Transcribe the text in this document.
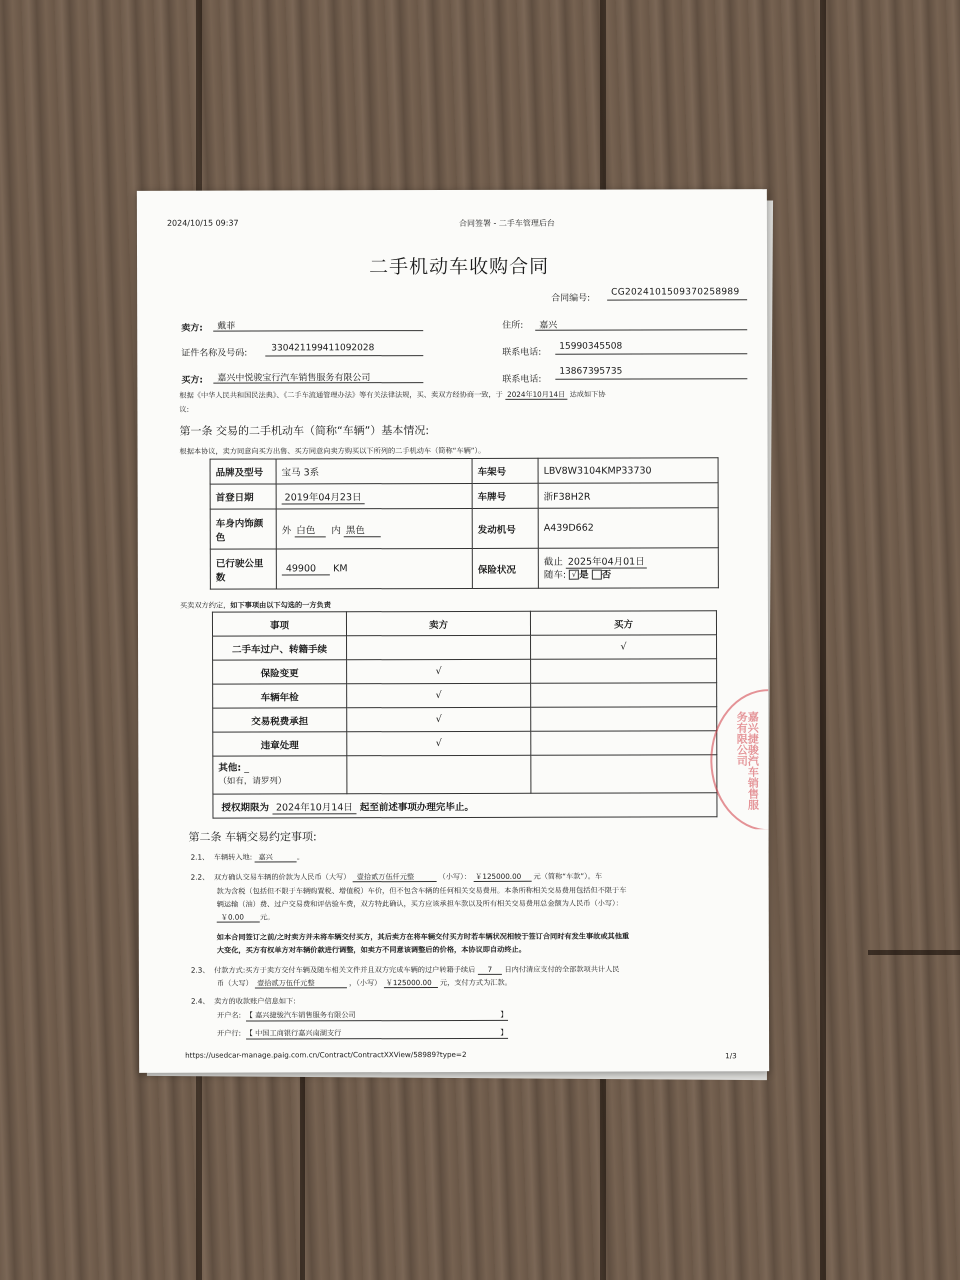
2024/10/15 09:37	合同签署 - 二手车管理后台
二手机动车收购合同
合同编号:
CG2024101509370258989
卖方: 戴菲	住所: 嘉兴
证件名称及号码:
330421199411092028	联系电话:
15990345508
买方: 嘉兴中悦骏宝行汽车销售服务有限公司	联系电话:
13867395735
根据《中华人民共和国民法典》、《二手车流通管理办法》等有关法律法规，买、卖双方经协商一致，于 2024年10月14日 达成如下协
议:
第一条 交易的二手机动车（简称“车辆”）基本情况:
根据本协议，卖方同意向买方出售、买方同意向卖方购买以下所列的二手机动车（简称“车辆”）。
品牌及型号	宝马 3系	车架号	LBV8W3104KMP33730
首登日期	2019年04月23日	车牌号	浙F38H2R
车身内饰颜
色	外 白色 内 黑色	发动机号	A439D662
已行驶公里
数	49900 KM	保险状况	截止 2025年04月01日
随车: √ 是 否
买卖双方约定，如下事项由以下勾选的一方负责
事项	卖方	买方
二手车过户、转籍手续		√
保险变更	√	
车辆年检	√	
交易税费承担	√	
违章处理	√	
其他: _
（如有，请罗列）		
授权期限为 2024年10月14日 起至前述事项办理完毕止。		
第二条 车辆交易约定事项:
2.1、 车辆转入地: 嘉兴	。
2.2、 双方确认交易车辆的价款为人民币（大写） 壹拾贰万伍仟元整	（小写）： ￥125000.00 元（简称“车款”）。车
款为含税（包括但不限于车辆购置税、增值税）车价，但不包含车辆的任何相关交易费用。本条所称相关交易费用包括但不限于车
辆运输（油）费、过户交易费和评估验车费，双方特此确认，买方应该承担车款以及所有相关交易费用总金额为人民币（小写）：
￥0.00 元。
如本合同签订之前/之时卖方并未将车辆交付买方，其后卖方在将车辆交付买方时若车辆状况相较于签订合同时有发生事故或其他重
大变化，买方有权单方对车辆价款进行调整，如卖方不同意该调整后的价格，本协议即自动终止。
2.3、 付款方式:买方于卖方交付车辆及随车相关文件并且双方完成车辆的过户转籍手续后 7 日内付清应支付的全部款项共计人民
币（大写） 壹拾贰万伍仟元整	，（小写） ￥125000.00 元，支付方式为汇款。
2.4、 卖方的收款账户信息如下:
开户名: 【 嘉兴捷骏汽车销售服务有限公司	】
开户行: 【 中国工商银行嘉兴南湖支行	】
https://usedcar-manage.paig.com.cn/Contract/ContractXXView/58989?type=2	1/3
嘉兴捷骏汽车销售服务有限公司
